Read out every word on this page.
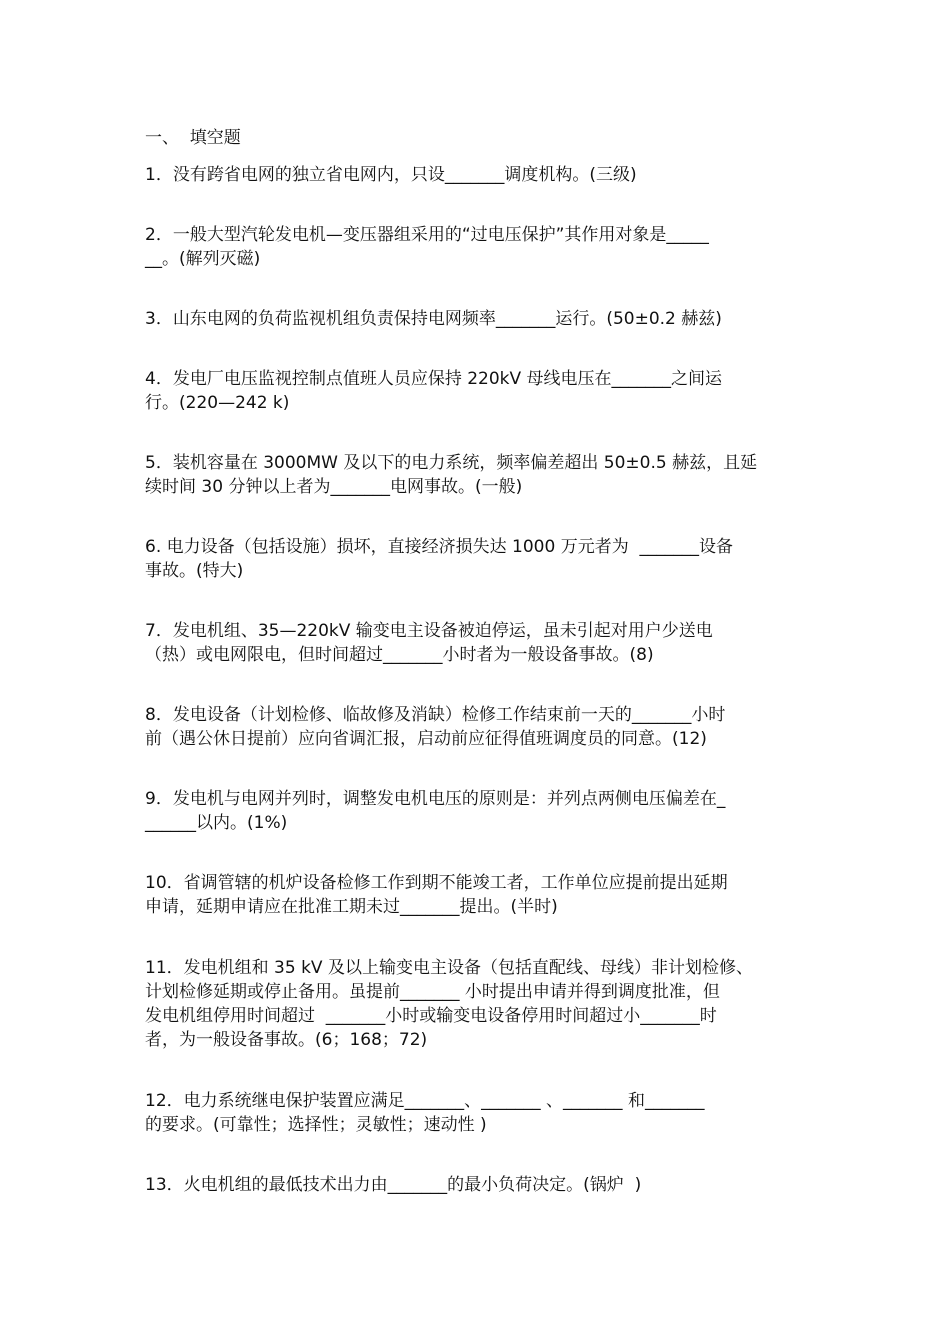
一、  填空题
1．没有跨省电网的独立省电网内，只设_______调度机构。(三级)
2．一般大型汽轮发电机—变压器组采用的“过电压保护”其作用对象是_____
__。(解列灭磁)
3．山东电网的负荷监视机组负责保持电网频率_______运行。(50±0.2 赫兹)
4．发电厂电压监视控制点值班人员应保持 220kV 母线电压在_______之间运
行。(220—242 k)
5．装机容量在 3000MW 及以下的电力系统，频率偏差超出 50±0.5 赫兹，且延
续时间 30 分钟以上者为_______电网事故。(一般)
6. 电力设备（包括设施）损坏，直接经济损失达 1000 万元者为  _______设备
事故。(特大)
7．发电机组、35—220kV 输变电主设备被迫停运，虽未引起对用户少送电
（热）或电网限电，但时间超过_______小时者为一般设备事故。(8)
8．发电设备（计划检修、临故修及消缺）检修工作结束前一天的_______小时
前（遇公休日提前）应向省调汇报，启动前应征得值班调度员的同意。(12)
9．发电机与电网并列时，调整发电机电压的原则是：并列点两侧电压偏差在_
______以内。(1%)
10．省调管辖的机炉设备检修工作到期不能竣工者，工作单位应提前提出延期
申请，延期申请应在批准工期未过_______提出。(半时)
11．发电机组和 35 kV 及以上输变电主设备（包括直配线、母线）非计划检修、
计划检修延期或停止备用。虽提前_______ 小时提出申请并得到调度批准，但
发电机组停用时间超过  _______小时或输变电设备停用时间超过小_______时
者，为一般设备事故。(6；168；72)
12．电力系统继电保护装置应满足_______、_______ 、_______ 和_______
的要求。(可靠性；选择性；灵敏性；速动性 )
13．火电机组的最低技术出力由_______的最小负荷决定。(锅炉  )
